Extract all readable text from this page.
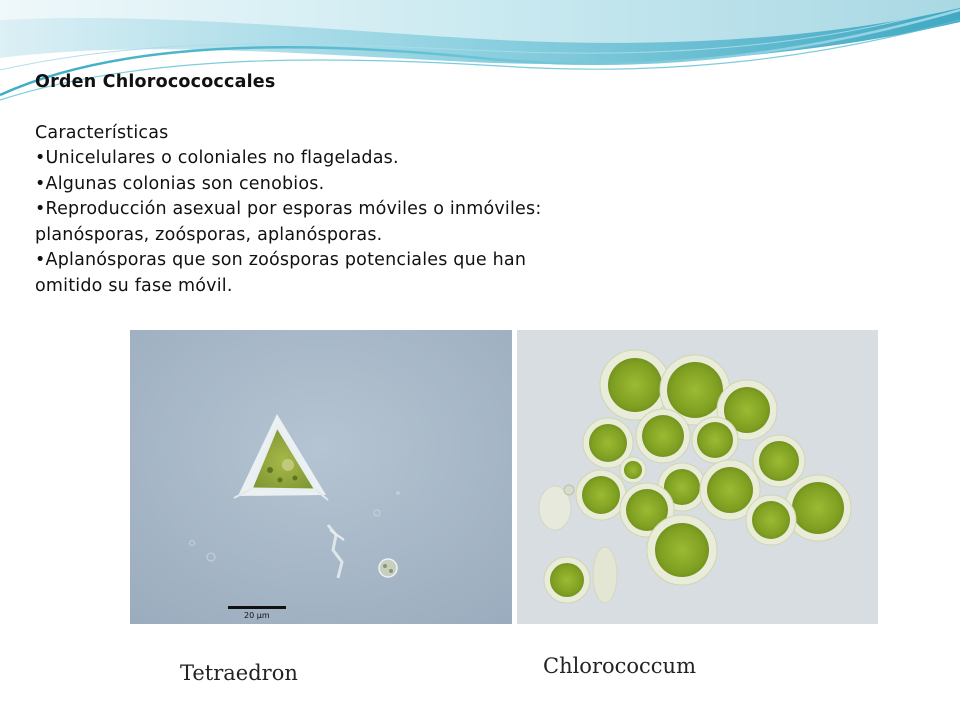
Orden Chlorocococcales
Características
•Unicelulares o coloniales no flageladas.
•Algunas colonias son cenobios.
•Reproducción asexual por esporas móviles o inmóviles:
planósporas, zoósporas, aplanósporas.
•Aplanósporas que son zoósporas potenciales que han
omitido su fase móvil.
20 µm
Tetraedron	Chlorococcum
